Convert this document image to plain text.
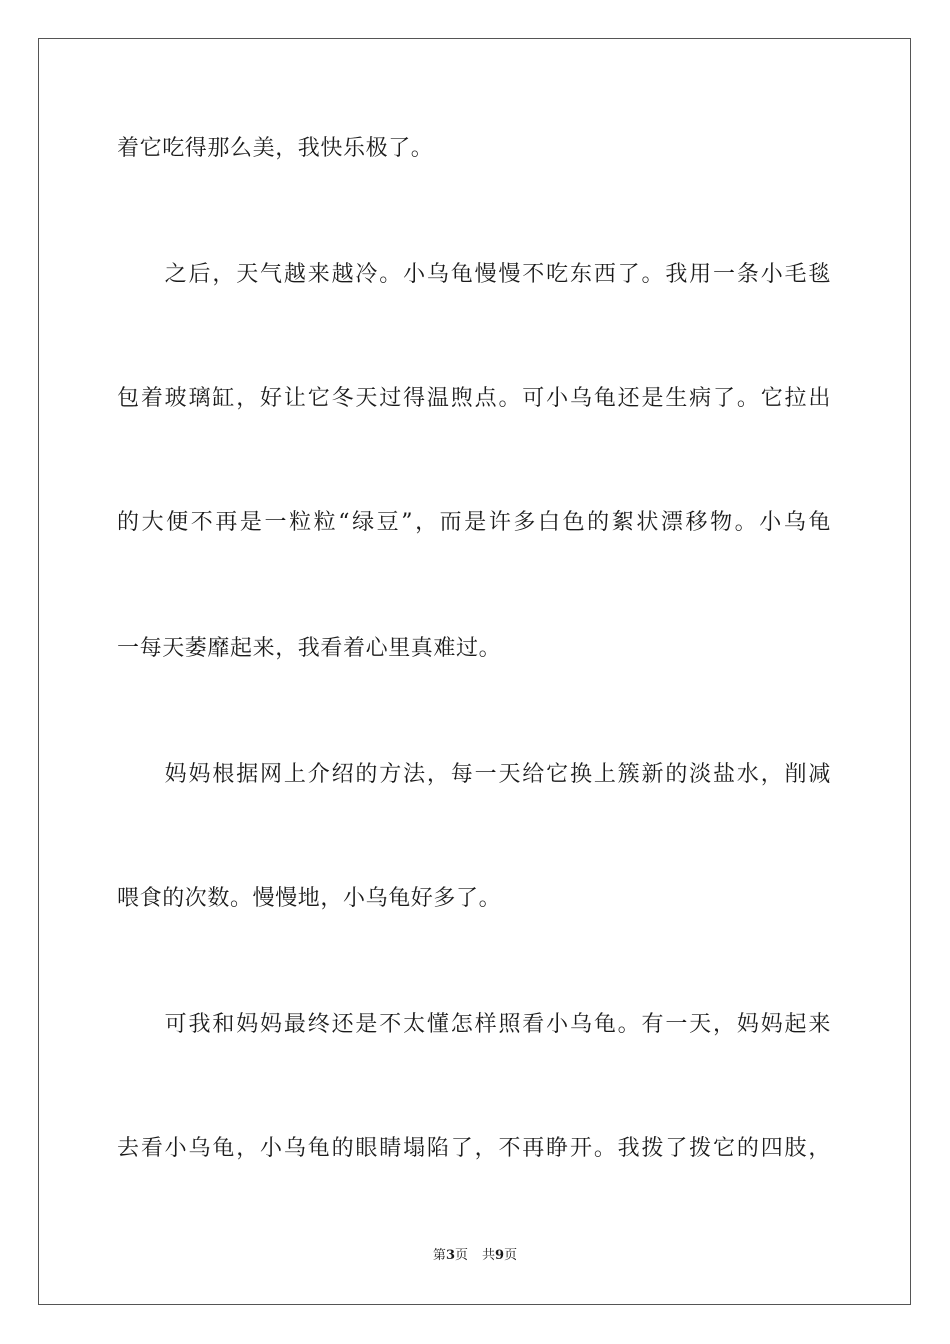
着它吃得那么美，我快乐极了。
　　之后，天气越来越冷。小乌龟慢慢不吃东西了。我用一条小毛毯
包着玻璃缸，好让它冬天过得温煦点。可小乌龟还是生病了。它拉出
的大便不再是一粒粒“绿豆”，而是许多白色的絮状漂移物。小乌龟
一每天萎靡起来，我看着心里真难过。
　　妈妈根据网上介绍的方法，每一天给它换上簇新的淡盐水，削减
喂食的次数。慢慢地，小乌龟好多了。
　　可我和妈妈最终还是不太懂怎样照看小乌龟。有一天，妈妈起来
去看小乌龟，小乌龟的眼睛塌陷了，不再睁开。我拨了拨它的四肢，
第3页 共9页
